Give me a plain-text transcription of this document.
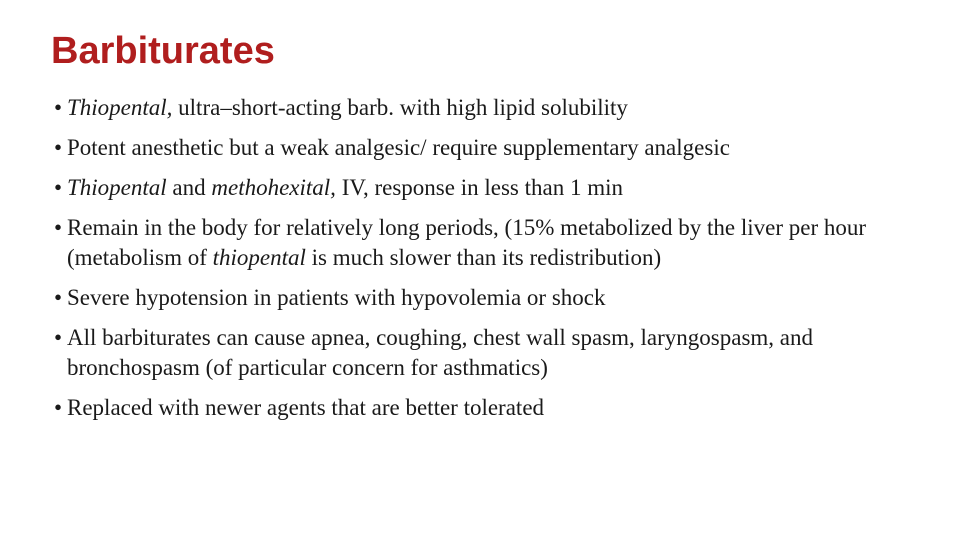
Barbiturates
• Thiopental, ultra–short-acting barb. with high lipid solubility
• Potent anesthetic but a weak analgesic/ require supplementary analgesic
• Thiopental and methohexital, IV, response in less than 1 min
• Remain in the body for relatively long periods, (15% metabolized by the liver per hour (metabolism of thiopental is much slower than its redistribution)
• Severe hypotension in patients with hypovolemia or shock
• All barbiturates can cause apnea, coughing, chest wall spasm, laryngospasm, and bronchospasm (of particular concern for asthmatics)
• Replaced with newer agents that are better tolerated
